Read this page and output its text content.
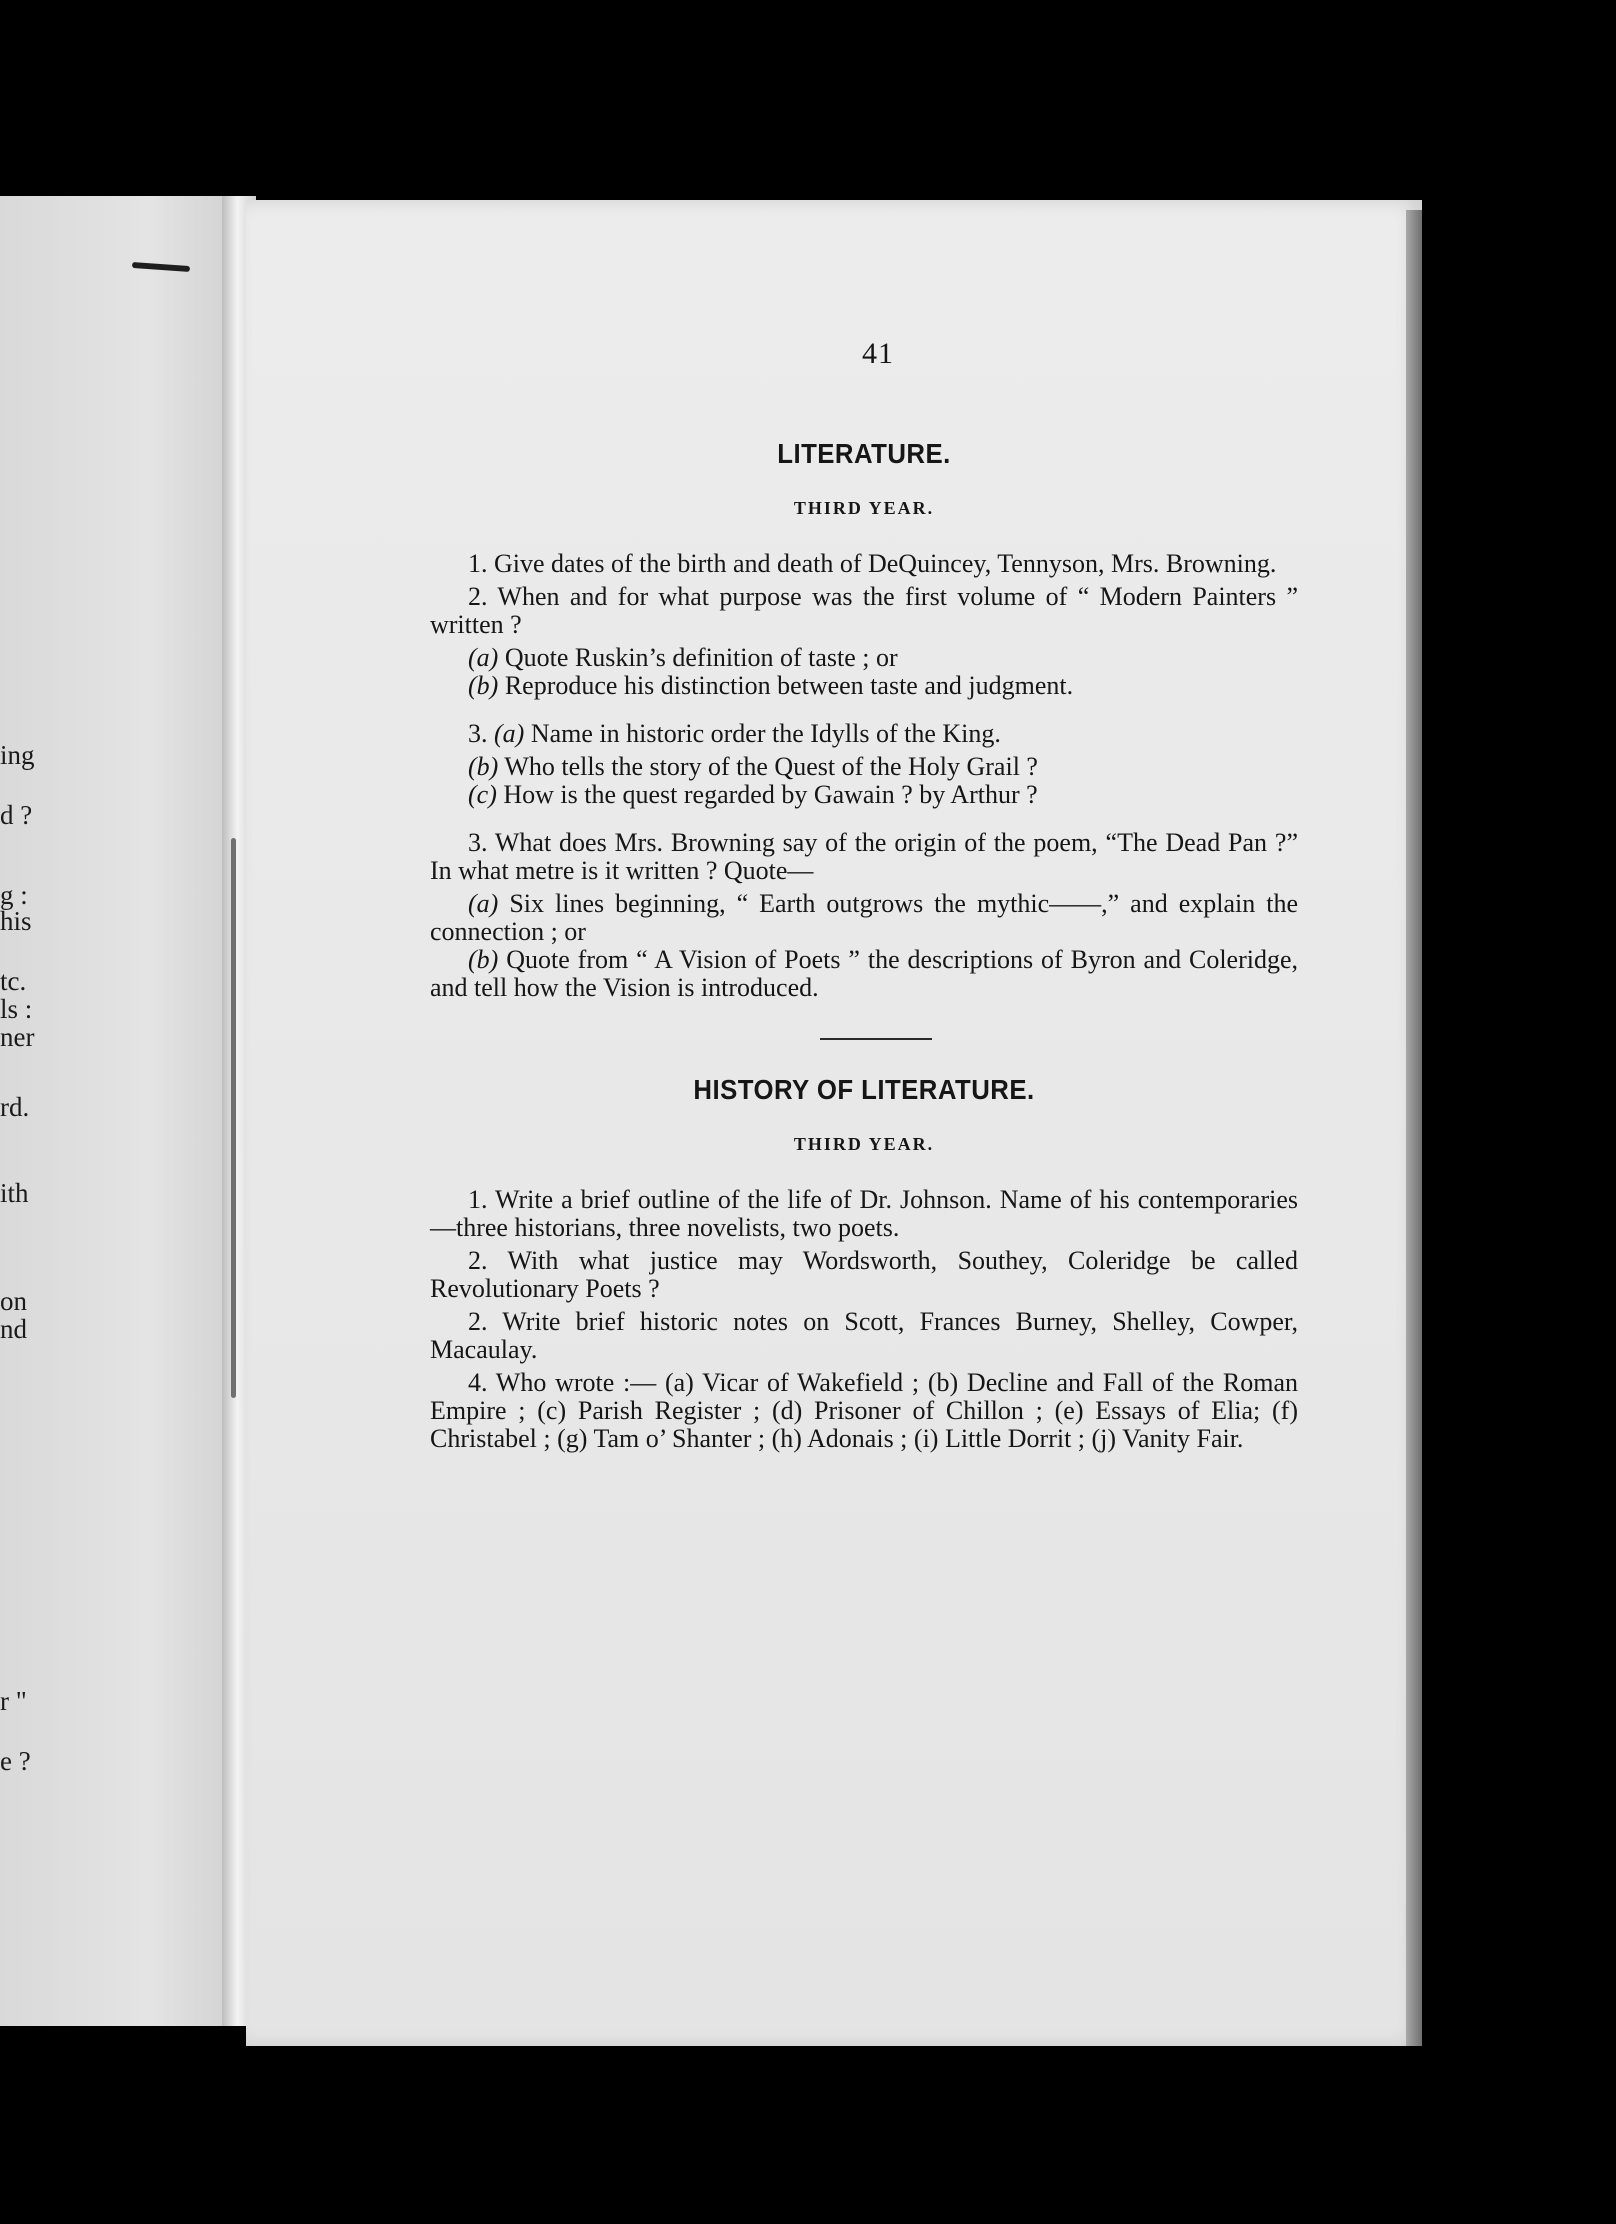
ing
d ?
g :
his
tc.
ls :
ner
rd.
ith
on
nd
r "
e ?
41
LITERATURE.
THIRD YEAR.

1. Give dates of the birth and death of DeQuincey, Tennyson, Mrs. Browning.

2. When and for what purpose was the first volume of “ Modern Painters ” written ?

(a) Quote Ruskin’s definition of taste ; or

(b) Reproduce his distinction between taste and judgment.

3. (a) Name in historic order the Idylls of the King.

(b) Who tells the story of the Quest of the Holy Grail ?

(c) How is the quest regarded by Gawain ? by Arthur ?

3. What does Mrs. Browning say of the origin of the poem, “The Dead Pan ?” In what metre is it written ? Quote—

(a) Six lines beginning, “ Earth outgrows the mythic——,” and explain the connection ; or

(b) Quote from “ A Vision of Poets ” the descriptions of Byron and Coleridge, and tell how the Vision is introduced.

HISTORY OF LITERATURE.
THIRD YEAR.

1. Write a brief outline of the life of Dr. Johnson. Name of his contemporaries—three historians, three novelists, two poets.

2. With what justice may Wordsworth, Southey, Coleridge be called Revolutionary Poets ?

2. Write brief historic notes on Scott, Frances Burney, Shelley, Cowper, Macaulay.

4. Who wrote :— (a) Vicar of Wakefield ; (b) Decline and Fall of the Roman Empire ; (c) Parish Register ; (d) Prisoner of Chillon ; (e) Essays of Elia; (f) Christabel ; (g) Tam o’ Shanter ; (h) Adonais ; (i) Little Dorrit ; (j) Vanity Fair.
